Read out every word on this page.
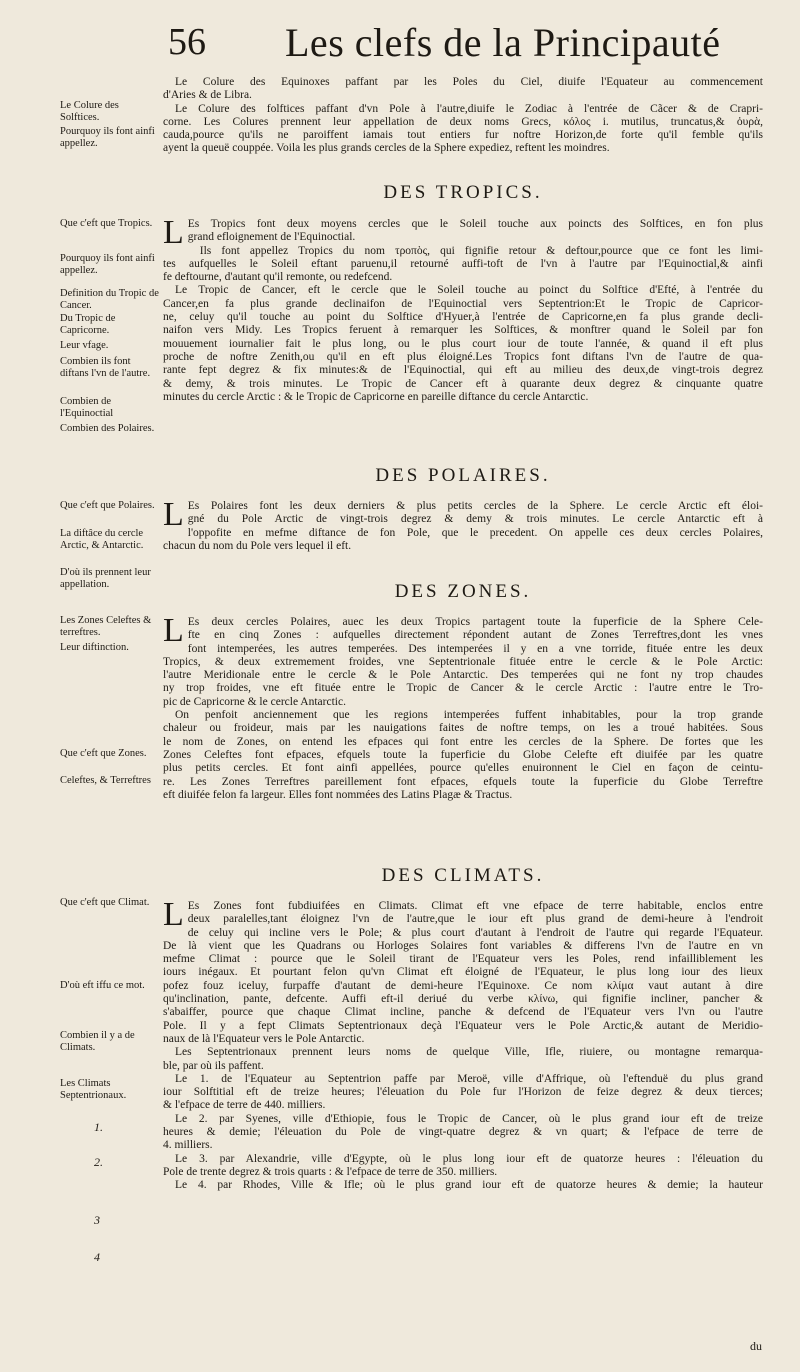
56 Les clefs de la Principauté
Le Colure des Solftices.
Pourquoy ils font ainfi appellez.
Que c'eft que Tropics.
Pourquoy ils font ainfi appellez.
Definition du Tropic de Cancer.
Du Tropic de Capricorne.
Leur vfage.
Combien ils font diftans l'vn de l'autre.
Combien de l'Equinoctial
Combien des Polaires.
Que c'eft que Polaires.
La diftâce du cercle Arctic, & Antarctic.
D'où ils prennent leur appellation.
Les Zones Celeftes & terreftres.
Leur diftinction.
Que c'eft que Zones.
Celeftes, & Terreftres
Que c'eft que Climat.
D'où eft iffu ce mot.
Combien il y a de Climats.
Les Climats Septentrionaux.
1.
2.
3
4
Le Colure des Equinoxes paffant par les Poles du Ciel, diuife l'Equateur au commencement
d'Aries & de Libra.
Le Colure des folftices paffant d'vn Pole à l'autre,diuife le Zodiac à l'entrée de Cãcer & de Crapri-
corne. Les Colures prennent leur appellation de deux noms Grecs, κόλος i. mutilus, truncatus,& ὀυρὰ,
cauda,pource qu'ils ne paroiffent iamais tout entiers fur noftre Horizon,de forte qu'il femble qu'ils
ayent la queuë couppée. Voila les plus grands cercles de la Sphere expediez, reftent les moindres.
DES TROPICS.
L Es Tropics font deux moyens cercles que le Soleil touche aux poincts des Solftices, en fon plus
grand efloignement de l'Equinoctial.
Ils font appellez Tropics du nom τροπὸς, qui fignifie retour & deftour,pource que ce font les limi-
tes aufquelles le Soleil eftant paruenu,il retourné auffi-toft de l'vn à l'autre par l'Equinoctial,& ainfi
fe deftourne, d'autant qu'il remonte, ou redefcend.
Le Tropic de Cancer, eft le cercle que le Soleil touche au poinct du Solftice d'Efté, à l'entrée du
Cancer,en fa plus grande declinaifon de l'Equinoctial vers Septentrion:Et le Tropic de Capricor-
ne, celuy qu'il touche au point du Solftice d'Hyuer,à l'entrée de Capricorne,en fa plus grande decli-
naifon vers Midy. Les Tropics feruent à remarquer les Solftices, & monftrer quand le Soleil par fon
mouuement iournalier fait le plus long, ou le plus court iour de toute l'année, & quand il eft plus
proche de noftre Zenith,ou qu'il en eft plus éloigné.Les Tropics font diftans l'vn de l'autre de qua-
rante fept degrez & fix minutes:& de l'Equinoctial, qui eft au milieu des deux,de vingt-trois degrez
& demy, & trois minutes. Le Tropic de Cancer eft à quarante deux degrez & cinquante quatre
minutes du cercle Arctic : & le Tropic de Capricorne en pareille diftance du cercle Antarctic.
DES POLAIRES.
L Es Polaires font les deux derniers & plus petits cercles de la Sphere. Le cercle Arctic eft éloi-
gné du Pole Arctic de vingt-trois degrez & demy & trois minutes. Le cercle Antarctic eft à
l'oppofite en mefme diftance de fon Pole, que le precedent. On appelle ces deux cercles Polaires,
chacun du nom du Pole vers lequel il eft.
DES ZONES.
L Es deux cercles Polaires, auec les deux Tropics partagent toute la fuperficie de la Sphere Cele-
fte en cinq Zones : aufquelles directement répondent autant de Zones Terreftres,dont les vnes
font intemperées, les autres temperées. Des intemperées il y en a vne torride, fituée entre les deux
Tropics, & deux extremement froides, vne Septentrionale fituée entre le cercle & le Pole Arctic:
l'autre Meridionale entre le cercle & le Pole Antarctic. Des temperées qui ne font ny trop chaudes
ny trop froides, vne eft fituée entre le Tropic de Cancer & le cercle Arctic : l'autre entre le Tro-
pic de Capricorne & le cercle Antarctic.
On penfoit anciennement que les regions intemperées fuffent inhabitables, pour la trop grande
chaleur ou froideur, mais par les nauigations faites de noftre temps, on les a troué habitées. Sous
le nom de Zones, on entend les efpaces qui font entre les cercles de la Sphere. De fortes que les
Zones Celeftes font efpaces, efquels toute la fuperficie du Globe Celefte eft diuifée par les quatre
plus petits cercles. Et font ainfi appellées, pource qu'elles enuironnent le Ciel en façon de ceintu-
re. Les Zones Terreftres pareillement font efpaces, efquels toute la fuperficie du Globe Terreftre
eft diuifée felon fa largeur. Elles font nommées des Latins Plagæ & Tractus.
DES CLIMATS.
L Es Zones font fubdiuifées en Climats. Climat eft vne efpace de terre habitable, enclos entre
deux paralelles,tant éloignez l'vn de l'autre,que le iour eft plus grand de demi-heure à l'endroit
de celuy qui incline vers le Pole; & plus court d'autant à l'endroit de l'autre qui regarde l'Equateur.
De là vient que les Quadrans ou Horloges Solaires font variables & differens l'vn de l'autre en vn
mefme Climat : pource que le Soleil tirant de l'Equateur vers les Poles, rend infailliblement les
iours inégaux. Et pourtant felon qu'vn Climat eft éloigné de l'Equateur, le plus long iour des lieux
pofez fouz iceluy, furpaffe d'autant de demi-heure l'Equinoxe. Ce nom κλίμα vaut autant à dire
qu'inclination, pante, defcente. Auffi eft-il deriué du verbe κλίνω, qui fignifie incliner, pancher &
s'abaiffer, pource que chaque Climat incline, panche & defcend de l'Equateur vers l'vn ou l'autre
Pole. Il y a fept Climats Septentrionaux deçà l'Equateur vers le Pole Arctic,& autant de Meridio-
naux de là l'Equateur vers le Pole Antarctic.
Les Septentrionaux prennent leurs noms de quelque Ville, Ifle, riuiere, ou montagne remarqua-
ble, par où ils paffent.
Le 1. de l'Equateur au Septentrion paffe par Meroë, ville d'Affrique, où l'eftenduë du plus grand
iour Solftitial eft de treize heures; l'éleuation du Pole fur l'Horizon de feize degrez & deux tierces;
& l'efpace de terre de 440. milliers.
Le 2. par Syenes, ville d'Ethiopie, fous le Tropic de Cancer, où le plus grand iour eft de treize
heures & demie; l'éleuation du Pole de vingt-quatre degrez & vn quart; & l'efpace de terre de
4. milliers.
Le 3. par Alexandrie, ville d'Egypte, où le plus long iour eft de quatorze heures : l'éleuation du
Pole de trente degrez & trois quarts : & l'efpace de terre de 350. milliers.
Le 4. par Rhodes, Ville & Ifle; où le plus grand iour eft de quatorze heures & demie; la hauteur
du
